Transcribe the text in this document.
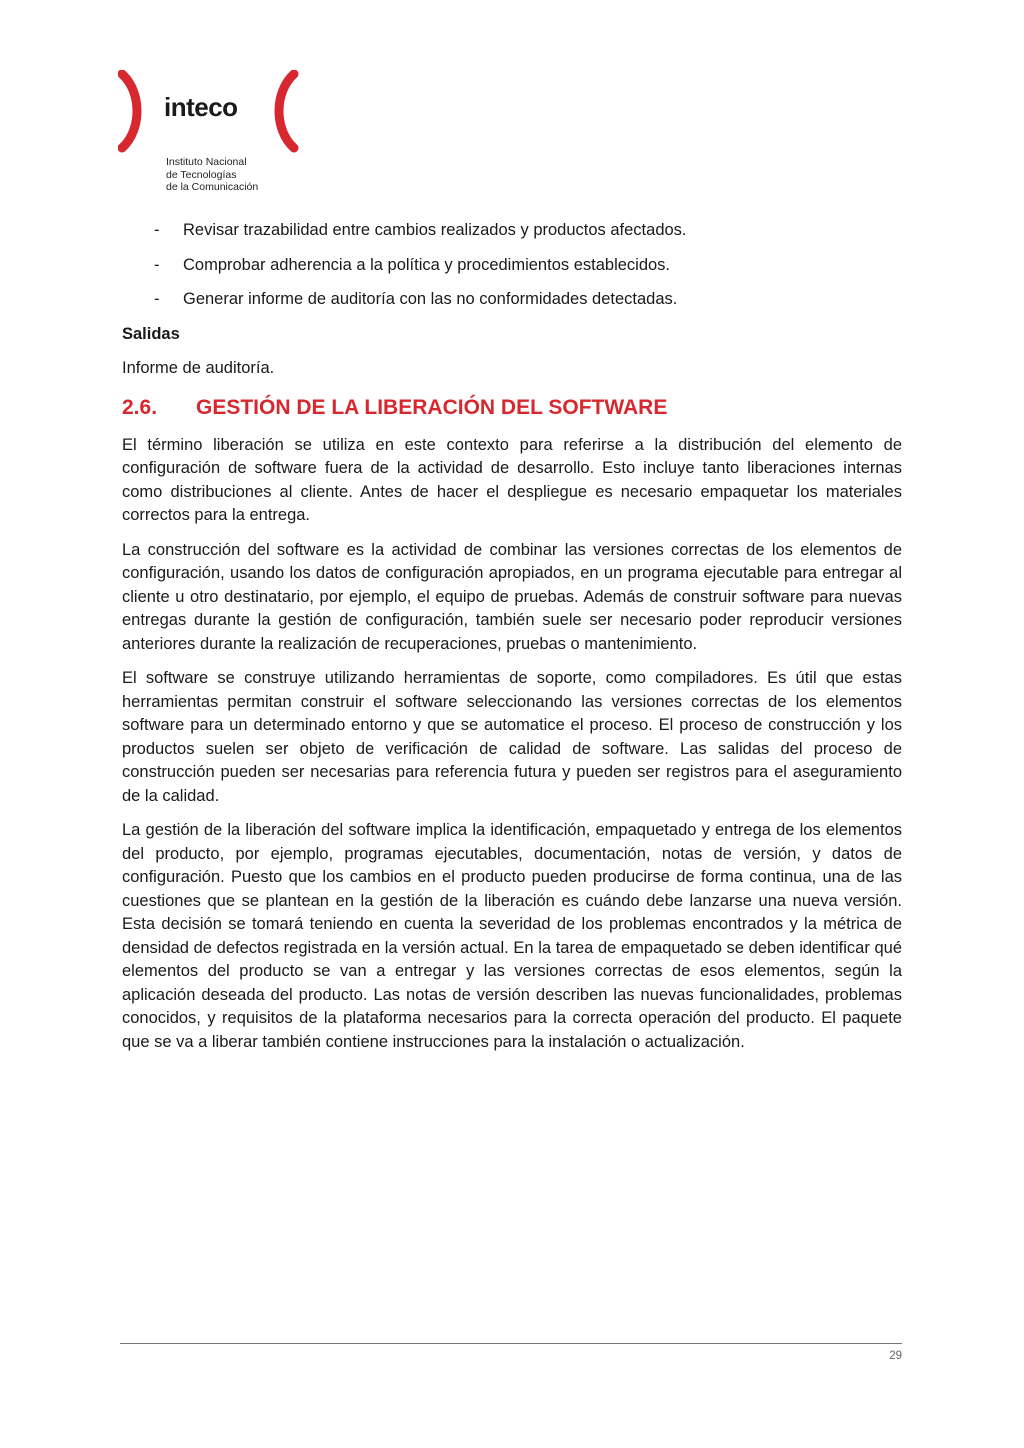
inteco
Instituto Nacional
de Tecnologías
de la Comunicación
- Revisar trazabilidad entre cambios realizados y productos afectados.
- Comprobar adherencia a la política y procedimientos establecidos.
- Generar informe de auditoría con las no conformidades detectadas.
Salidas
Informe de auditoría.
2.6.	GESTIÓN DE LA LIBERACIÓN DEL SOFTWARE

El término liberación se utiliza en este contexto para referirse a la distribución del elemento de configuración de software fuera de la actividad de desarrollo. Esto incluye tanto liberaciones internas como distribuciones al cliente. Antes de hacer el despliegue es necesario empaquetar los materiales correctos para la entrega.

La construcción del software es la actividad de combinar las versiones correctas de los elementos de configuración, usando los datos de configuración apropiados, en un programa ejecutable para entregar al cliente u otro destinatario, por ejemplo, el equipo de pruebas. Además de construir software para nuevas entregas durante la gestión de configuración, también suele ser necesario poder reproducir versiones anteriores durante la realización de recuperaciones, pruebas o mantenimiento.

El software se construye utilizando herramientas de soporte, como compiladores. Es útil que estas herramientas permitan construir el software seleccionando las versiones correctas de los elementos software para un determinado entorno y que se automatice el proceso. El proceso de construcción y los productos suelen ser objeto de verificación de calidad de software. Las salidas del proceso de construcción pueden ser necesarias para referencia futura y pueden ser registros para el aseguramiento de la calidad.

La gestión de la liberación del software implica la identificación, empaquetado y entrega de los elementos del producto, por ejemplo, programas ejecutables, documentación, notas de versión, y datos de configuración. Puesto que los cambios en el producto pueden producirse de forma continua, una de las cuestiones que se plantean en la gestión de la liberación es cuándo debe lanzarse una nueva versión. Esta decisión se tomará teniendo en cuenta la severidad de los problemas encontrados y la métrica de densidad de defectos registrada en la versión actual. En la tarea de empaquetado se deben identificar qué elementos del producto se van a entregar y las versiones correctas de esos elementos, según la aplicación deseada del producto. Las notas de versión describen las nuevas funcionalidades, problemas conocidos, y requisitos de la plataforma necesarios para la correcta operación del producto. El paquete que se va a liberar también contiene instrucciones para la instalación o actualización.

29
